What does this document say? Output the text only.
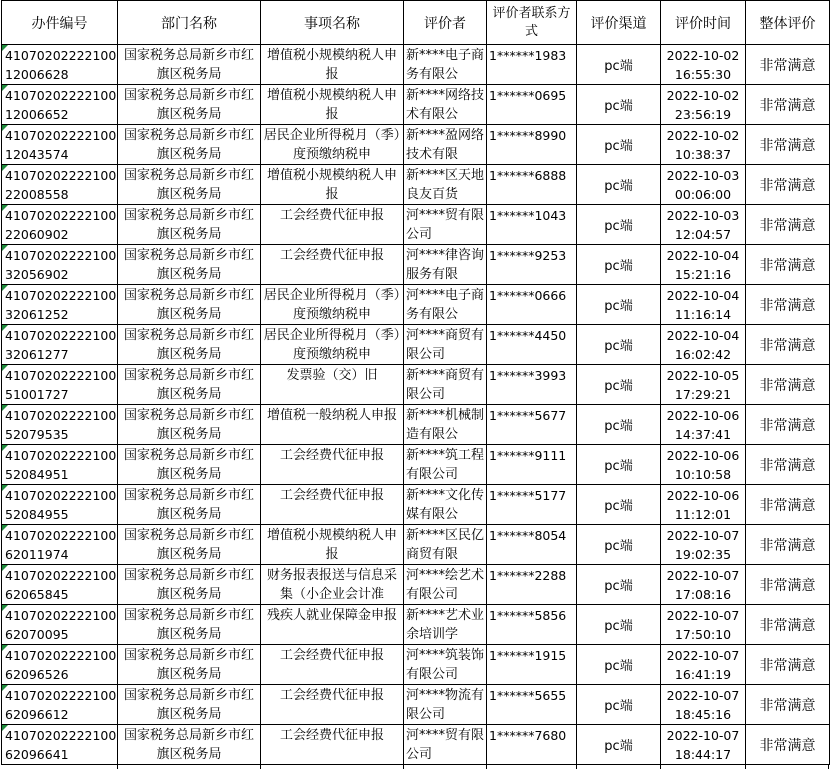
办件编号	部门名称	事项名称	评价者	评价者联系方式	评价渠道	评价时间	整体评价

4107020222210012006628	国家税务总局新乡市红旗区税务局	增值税小规模纳税人申报	新****电子商务有限公	1******1983	pc端	2022-10-02 16:55:30	非常满意

4107020222210012006652	国家税务总局新乡市红旗区税务局	增值税小规模纳税人申报	新****网络技术有限公	1******0695	pc端	2022-10-02 23:56:19	非常满意

4107020222210012043574	国家税务总局新乡市红旗区税务局	居民企业所得税月（季）度预缴纳税申	新****盈网络技术有限	1******8990	pc端	2022-10-02 10:38:37	非常满意

4107020222210022008558	国家税务总局新乡市红旗区税务局	增值税小规模纳税人申报	新****区天地良友百货	1******6888	pc端	2022-10-03 00:06:00	非常满意

4107020222210022060902	国家税务总局新乡市红旗区税务局	工会经费代征申报	河****贸有限公司	1******1043	pc端	2022-10-03 12:04:57	非常满意

4107020222210032056902	国家税务总局新乡市红旗区税务局	工会经费代征申报	河****律咨询服务有限	1******9253	pc端	2022-10-04 15:21:16	非常满意

4107020222210032061252	国家税务总局新乡市红旗区税务局	居民企业所得税月（季）度预缴纳税申	河****电子商务有限公	1******0666	pc端	2022-10-04 11:16:14	非常满意

4107020222210032061277	国家税务总局新乡市红旗区税务局	居民企业所得税月（季）度预缴纳税申	河****商贸有限公司	1******4450	pc端	2022-10-04 16:02:42	非常满意

4107020222210051001727	国家税务总局新乡市红旗区税务局	发票验（交）旧	新****商贸有限公司	1******3993	pc端	2022-10-05 17:29:21	非常满意

4107020222210052079535	国家税务总局新乡市红旗区税务局	增值税一般纳税人申报	新****机械制造有限公	1******5677	pc端	2022-10-06 14:37:41	非常满意

4107020222210052084951	国家税务总局新乡市红旗区税务局	工会经费代征申报	新****筑工程有限公司	1******9111	pc端	2022-10-06 10:10:58	非常满意

4107020222210052084955	国家税务总局新乡市红旗区税务局	工会经费代征申报	新****文化传媒有限公	1******5177	pc端	2022-10-06 11:12:01	非常满意

4107020222210062011974	国家税务总局新乡市红旗区税务局	增值税小规模纳税人申报	新****区民亿商贸有限	1******8054	pc端	2022-10-07 19:02:35	非常满意

4107020222210062065845	国家税务总局新乡市红旗区税务局	财务报表报送与信息采集（小企业会计准	河****绘艺术有限公司	1******2288	pc端	2022-10-07 17:08:16	非常满意

4107020222210062070095	国家税务总局新乡市红旗区税务局	残疾人就业保障金申报	新****艺术业余培训学	1******5856	pc端	2022-10-07 17:50:10	非常满意

4107020222210062096526	国家税务总局新乡市红旗区税务局	工会经费代征申报	河****筑装饰有限公司	1******1915	pc端	2022-10-07 16:41:19	非常满意

4107020222210062096612	国家税务总局新乡市红旗区税务局	工会经费代征申报	河****物流有限公司	1******5655	pc端	2022-10-07 18:45:16	非常满意

4107020222210062096641	国家税务总局新乡市红旗区税务局	工会经费代征申报	河****贸有限公司	1******7680	pc端	2022-10-07 18:44:17	非常满意
